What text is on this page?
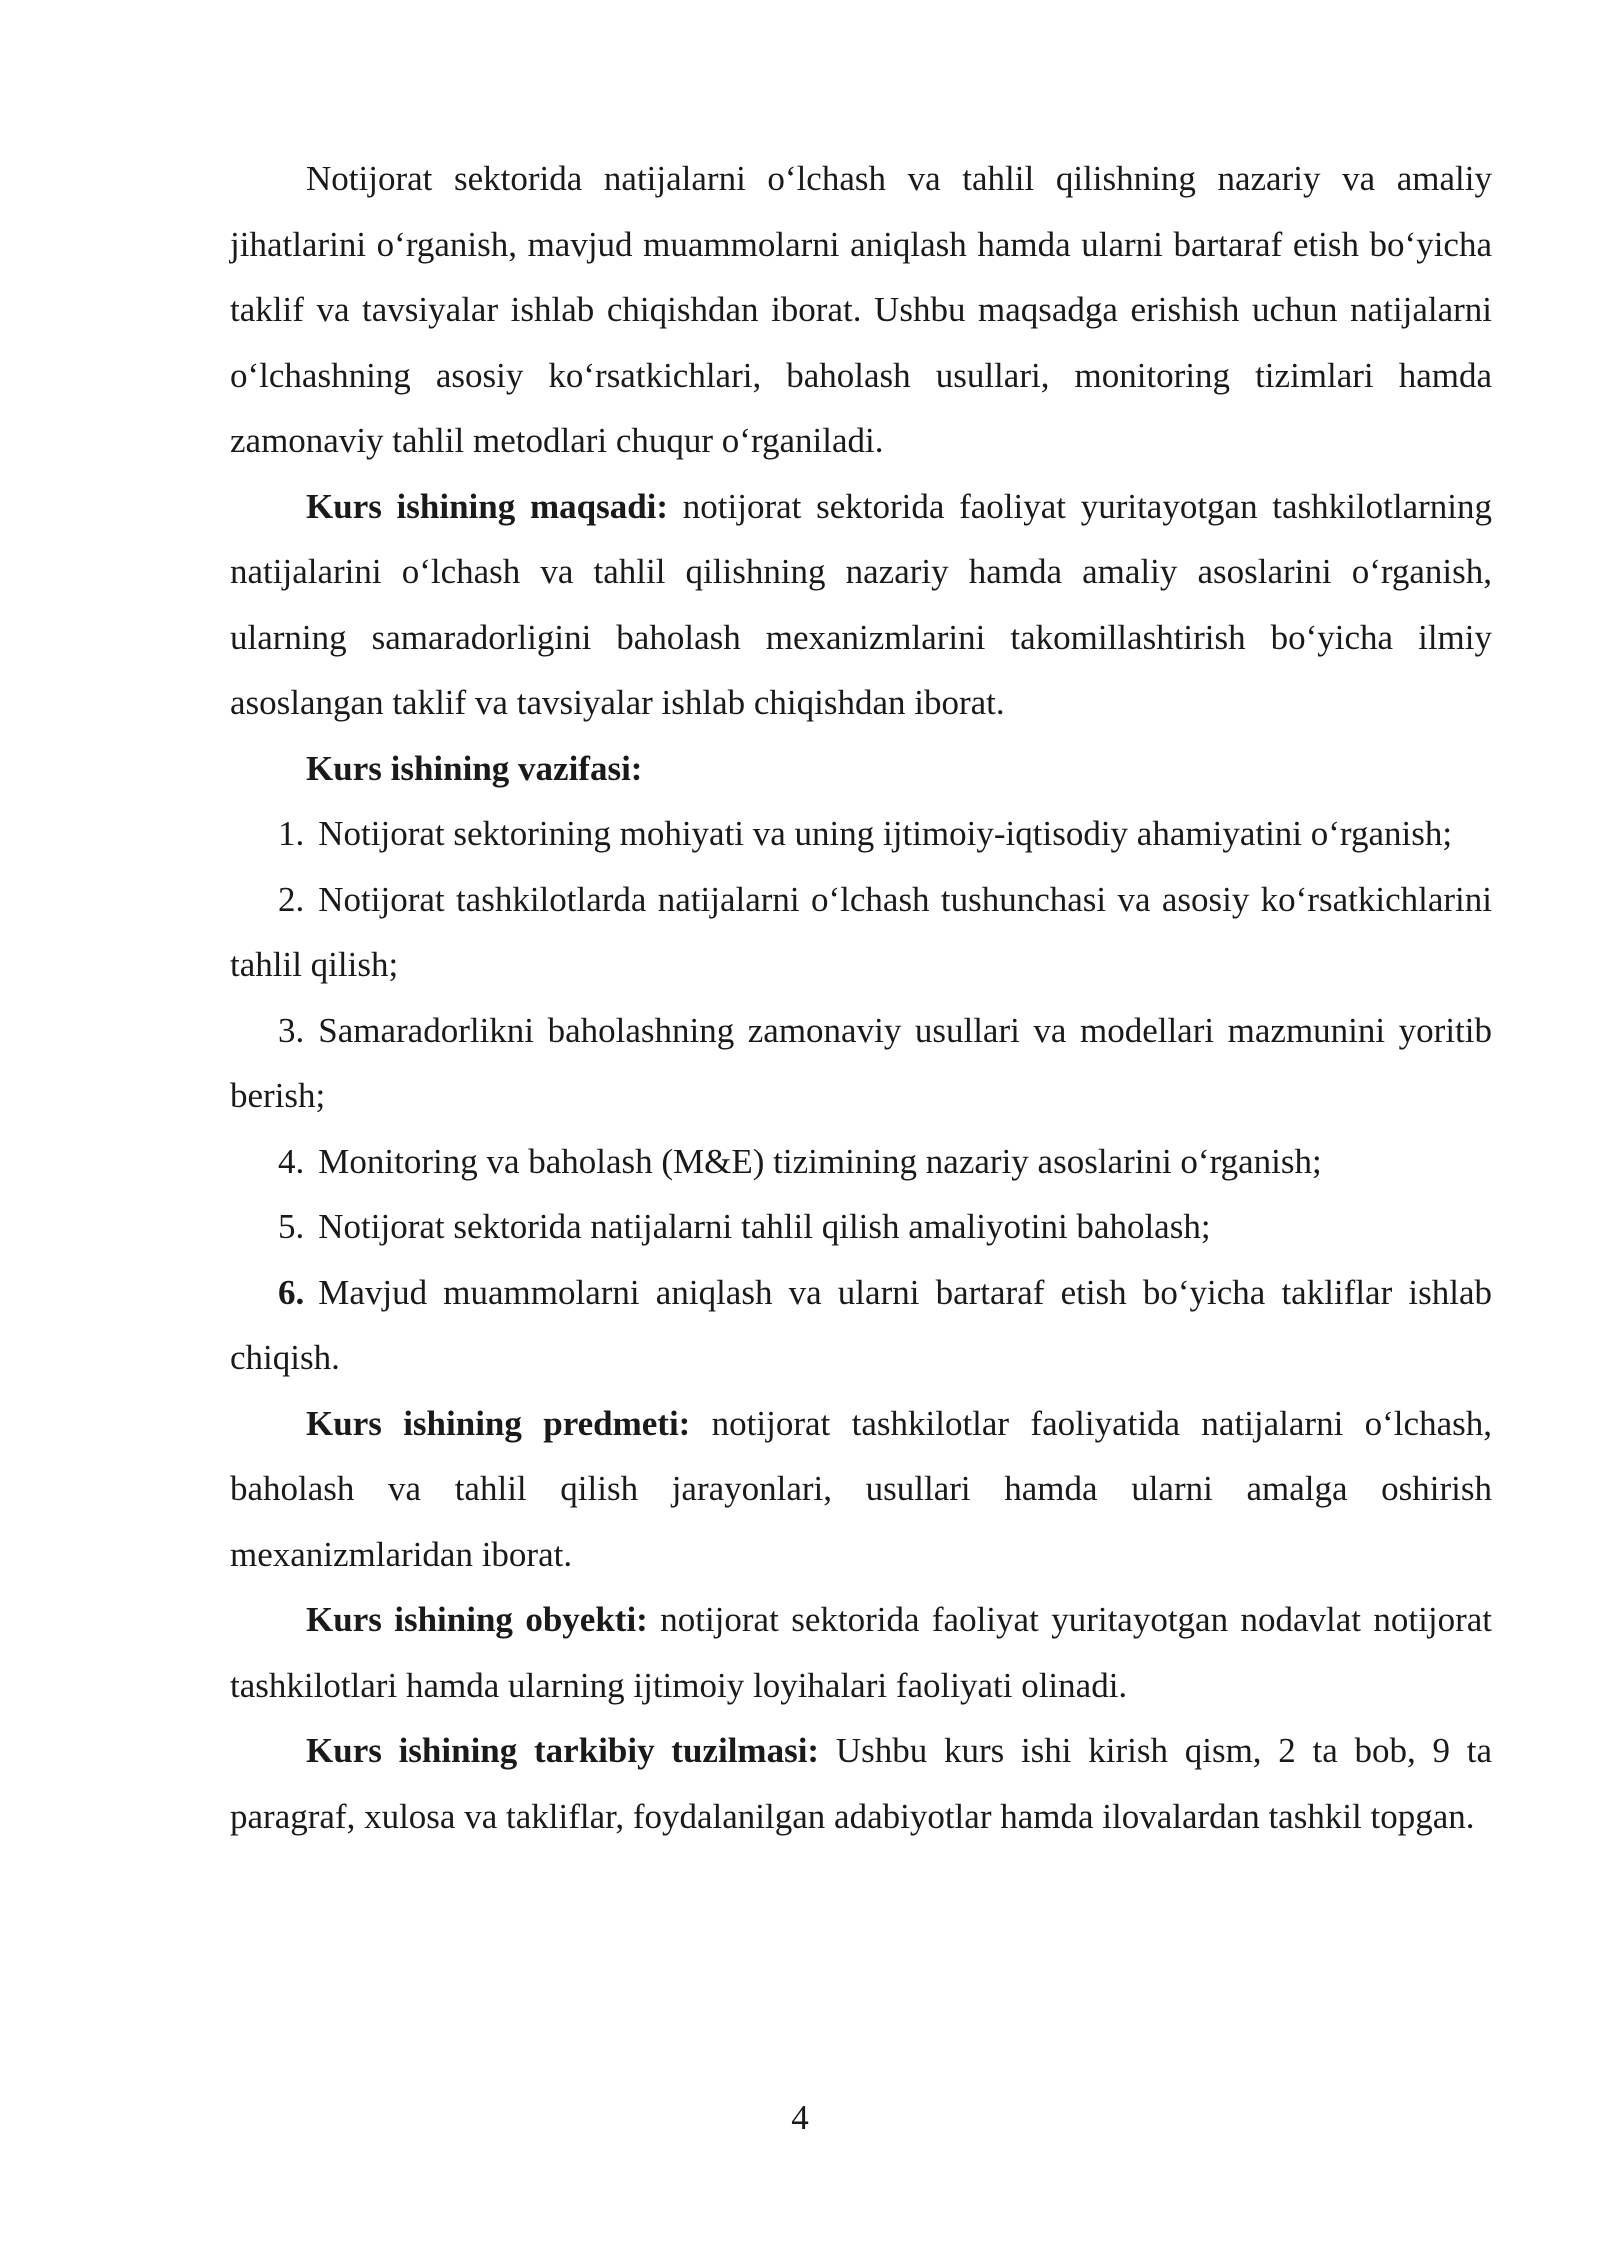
Notijorat sektorida natijalarni o‘lchash va tahlil qilishning nazariy va amaliy jihatlarini o‘rganish, mavjud muammolarni aniqlash hamda ularni bartaraf etish bo‘yicha taklif va tavsiyalar ishlab chiqishdan iborat. Ushbu maqsadga erishish uchun natijalarni o‘lchashning asosiy ko‘rsatkichlari, baholash usullari, monitoring tizimlari hamda zamonaviy tahlil metodlari chuqur o‘rganiladi.

Kurs ishining maqsadi: notijorat sektorida faoliyat yuritayotgan tashkilotlarning natijalarini o‘lchash va tahlil qilishning nazariy hamda amaliy asoslarini o‘rganish, ularning samaradorligini baholash mexanizmlarini takomillashtirish bo‘yicha ilmiy asoslangan taklif va tavsiyalar ishlab chiqishdan iborat.

Kurs ishining vazifasi:

1. Notijorat sektorining mohiyati va uning ijtimoiy-iqtisodiy ahamiyatini o‘rganish;

2. Notijorat tashkilotlarda natijalarni o‘lchash tushunchasi va asosiy ko‘rsatkichlarini tahlil qilish;

3. Samaradorlikni baholashning zamonaviy usullari va modellari mazmunini yoritib berish;

4. Monitoring va baholash (M&E) tizimining nazariy asoslarini o‘rganish;

5. Notijorat sektorida natijalarni tahlil qilish amaliyotini baholash;

6. Mavjud muammolarni aniqlash va ularni bartaraf etish bo‘yicha takliflar ishlab chiqish.

Kurs ishining predmeti: notijorat tashkilotlar faoliyatida natijalarni o‘lchash, baholash va tahlil qilish jarayonlari, usullari hamda ularni amalga oshirish mexanizmlaridan iborat.

Kurs ishining obyekti: notijorat sektorida faoliyat yuritayotgan nodavlat notijorat tashkilotlari hamda ularning ijtimoiy loyihalari faoliyati olinadi.

Kurs ishining tarkibiy tuzilmasi: Ushbu kurs ishi kirish qism, 2 ta bob, 9 ta paragraf, xulosa va takliflar, foydalanilgan adabiyotlar hamda ilovalardan tashkil topgan.

4
